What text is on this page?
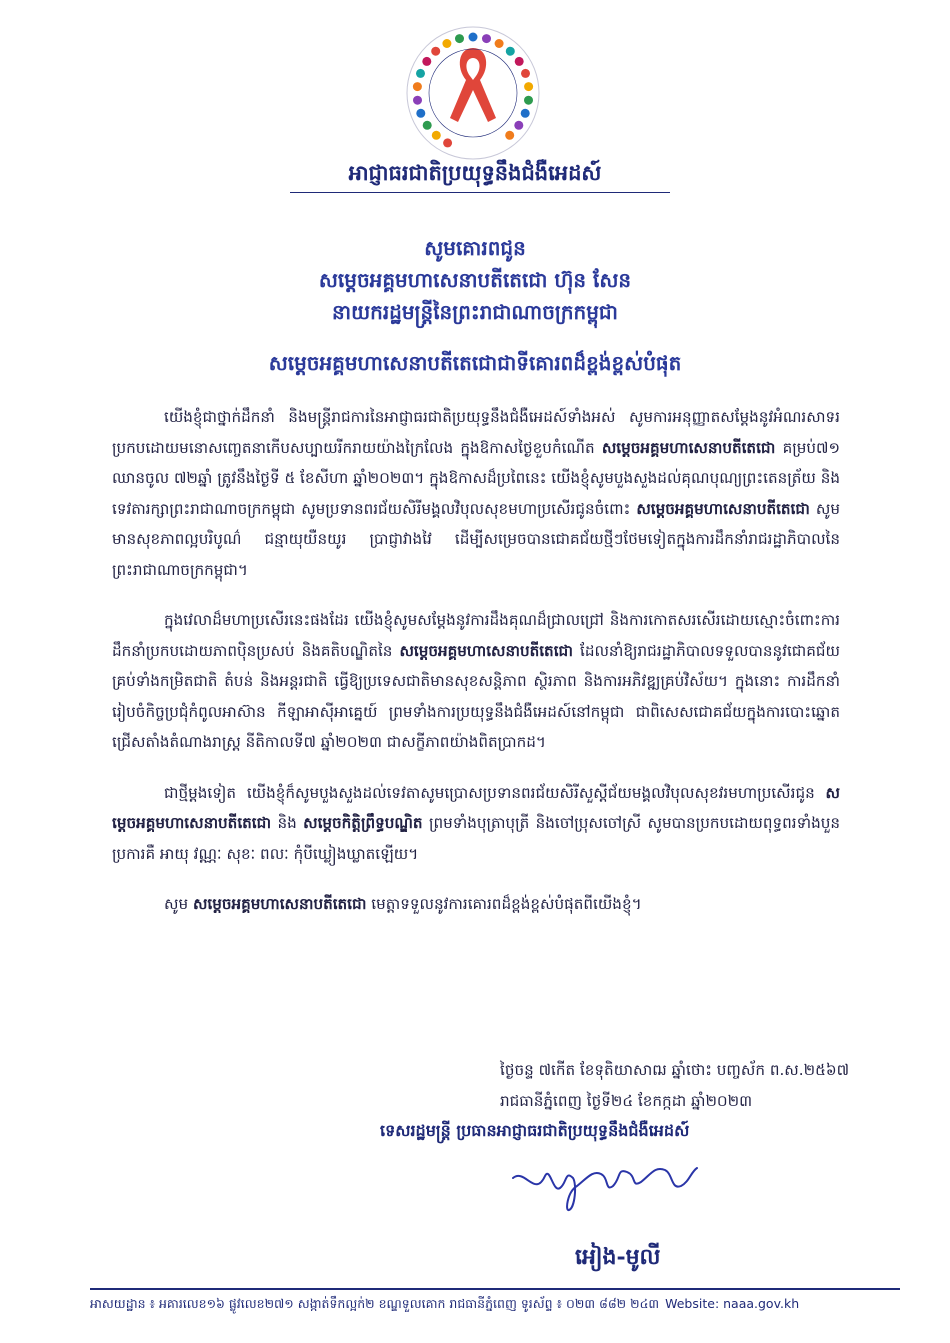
អាជ្ញាធរជាតិប្រយុទ្ធនឹងជំងឺអេដស៍
សូមគោរពជូន
សម្តេចអគ្គមហាសេនាបតីតេជោ ហ៊ុន សែន
នាយករដ្ឋមន្ត្រីនៃព្រះរាជាណាចក្រកម្ពុជា
សម្តេចអគ្គមហាសេនាបតីតេជោជាទីគោរពដ៏ខ្ពង់ខ្ពស់បំផុត

យើងខ្ញុំជាថ្នាក់ដឹកនាំ និងមន្ត្រីរាជការនៃអាជ្ញាធរជាតិប្រយុទ្ធនឹងជំងឺអេដស៍ទាំងអស់ សូមការអនុញ្ញាតសម្តែងនូវអំណរសាទរ ប្រកបដោយមនោសញ្ចេតនាកើបសប្បាយរីករាយយ៉ាងក្រៃលែង ក្នុងឱកាសថ្ងៃខួបកំណើត សម្តេចអគ្គមហាសេនាបតីតេជោ គម្រប់៧១ ឈានចូល ៧២ឆ្នាំ ត្រូវនឹងថ្ងៃទី ៥ ខែសីហា ឆ្នាំ២០២៣។ ក្នុងឱកាសដ៏ប្រពៃនេះ យើងខ្ញុំសូមបួងសួងដល់គុណបុណ្យព្រះតេនត្រ័យ និងទេវតារក្សាព្រះរាជាណាចក្រកម្ពុជា សូមប្រទានពរជ័យសិរីមង្គលវិបុលសុខមហាប្រសើរជូនចំពោះ សម្តេចអគ្គមហាសេនាបតីតេជោ សូមមានសុខភាពល្អបរិបូណ៌ ជន្មាយុយឺនយូរ ប្រាជ្ញាវាងវៃ ដើម្បីសម្រេចបានជោគជ័យថ្មីៗថែមទៀតក្នុងការដឹកនាំរាជរដ្ឋាភិបាលនៃព្រះរាជាណាចក្រកម្ពុជា។

ក្នុងវេលាដ៏មហាប្រសើរនេះផងដែរ យើងខ្ញុំសូមសម្តែងនូវការដឹងគុណដ៏ជ្រាលជ្រៅ និងការកោតសរសើរដោយស្មោះចំពោះការដឹកនាំប្រកបដោយភាពប៉ិនប្រសប់ និងគតិបណ្ឌិតនៃ សម្តេចអគ្គមហាសេនាបតីតេជោ ដែលនាំឱ្យរាជរដ្ឋាភិបាលទទួលបាននូវជោគជ័យគ្រប់ទាំងកម្រិតជាតិ តំបន់ និងអន្តរជាតិ ធ្វើឱ្យប្រទេសជាតិមានសុខសន្តិភាព ស្ថិរភាព និងការអភិវឌ្ឍគ្រប់វិស័យ។ ក្នុងនោះ ការដឹកនាំរៀបចំកិច្ចប្រជុំកំពូលអាស៊ាន កីឡាអាស៊ីអាគ្នេយ៍ ព្រមទាំងការប្រយុទ្ធនឹងជំងឺអេដស៍នៅកម្ពុជា ជាពិសេសជោគជ័យក្នុងការបោះឆ្នោតជ្រើសតាំងតំណាងរាស្ត្រ នីតិកាលទី៧ ឆ្នាំ២០២៣ ជាសក្ខីភាពយ៉ាងពិតប្រាកដ។

ជាថ្មីម្តងទៀត យើងខ្ញុំក៏សូមបួងសួងដល់ទេវតាសូមប្រោសប្រទានពរជ័យសិរីសួស្តីជ័យមង្គលវិបុលសុខវរមហាប្រសើរជូន សម្តេចអគ្គមហាសេនាបតីតេជោ និង សម្តេចកិត្តិព្រឹទ្ធបណ្ឌិត ព្រមទាំងបុត្រាបុត្រី និងចៅប្រុសចៅស្រី សូមបានប្រកបដោយពុទ្ធពរទាំងបួនប្រការគឺ អាយុ វណ្ណៈ សុខៈ ពលៈ កុំបីឃ្លៀងឃ្លាតឡើយ។

សូម សម្តេចអគ្គមហាសេនាបតីតេជោ មេត្តាទទួលនូវការគោរពដ៏ខ្ពង់ខ្ពស់បំផុតពីយើងខ្ញុំ។

ថ្ងៃចន្ទ ៧កើត ខែទុតិយាសាឍ ឆ្នាំថោះ បញ្ចស័ក ព.ស.២៥៦៧
រាជធានីភ្នំពេញ ថ្ងៃទី២៤ ខែកក្កដា ឆ្នាំ២០២៣
ទេសរដ្ឋមន្ត្រី ប្រធានអាជ្ញាធរជាតិប្រយុទ្ធនឹងជំងឺអេដស៍
អៀង-មូលី
អាសយដ្ឋាន ៖ អគារលេខ១៦ ផ្លូវលេខ២៧១ សង្កាត់ទឹកល្អក់២ ខណ្ឌទួលគោក រាជធានីភ្នំពេញ ទូរស័ព្ទ ៖ ០២៣ ៨៨២ ២៤៣ Website: naaa.gov.kh
